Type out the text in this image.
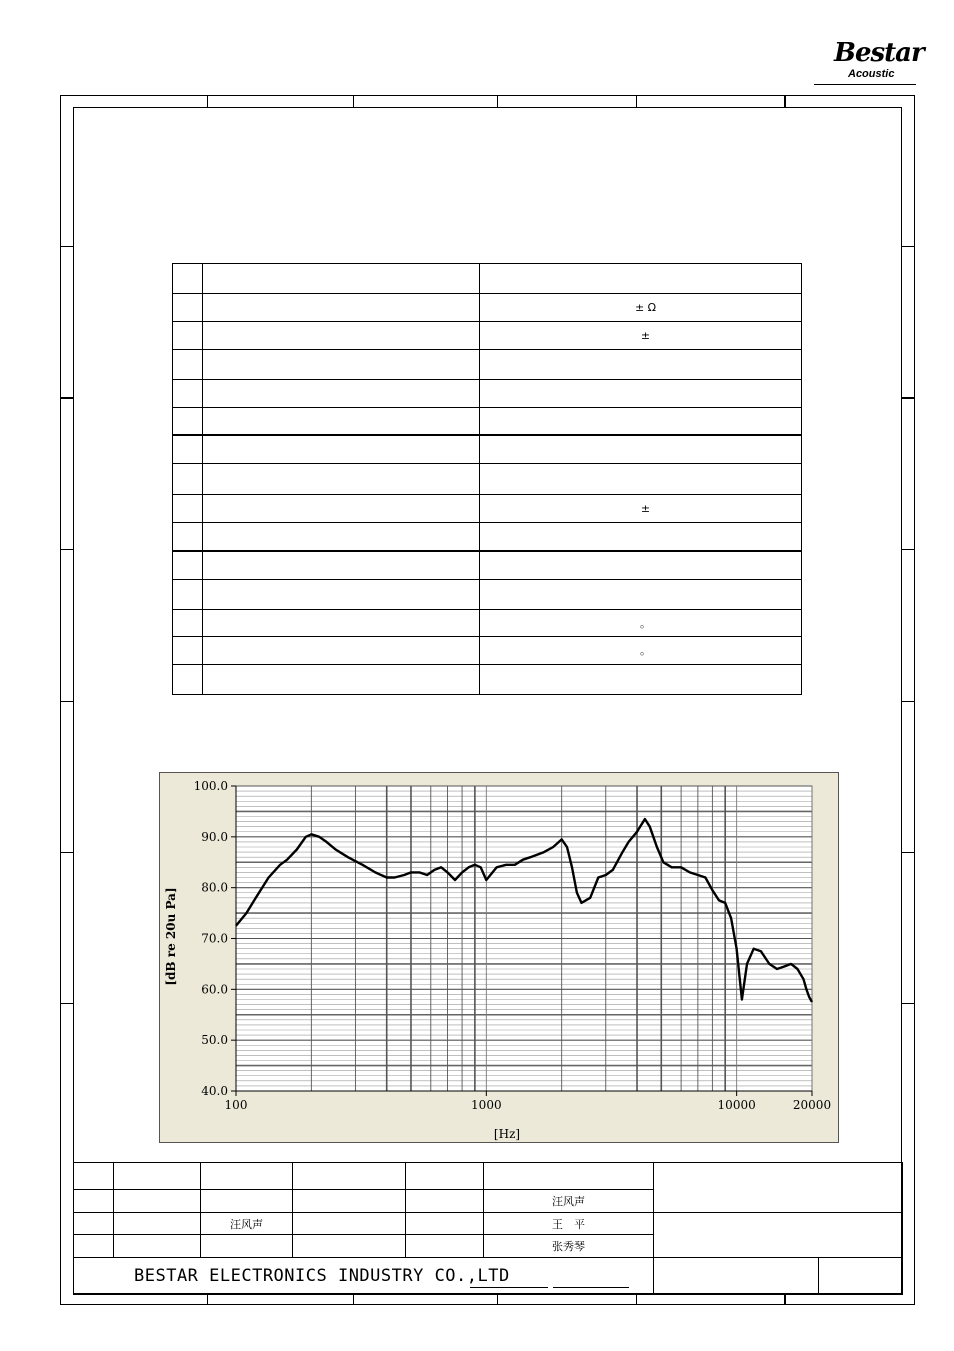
Bestar
Acoustic

		± Ω
		±

		±

		。
		。

40.0
50.0
60.0
70.0
80.0
90.0
100.0
100	1000	10000	20000
[Hz]
[dB re 20u Pa]

					汪风声		
		汪风声			王　平		
					张秀琴		
BESTAR ELECTRONICS INDUSTRY CO.,LTD							
